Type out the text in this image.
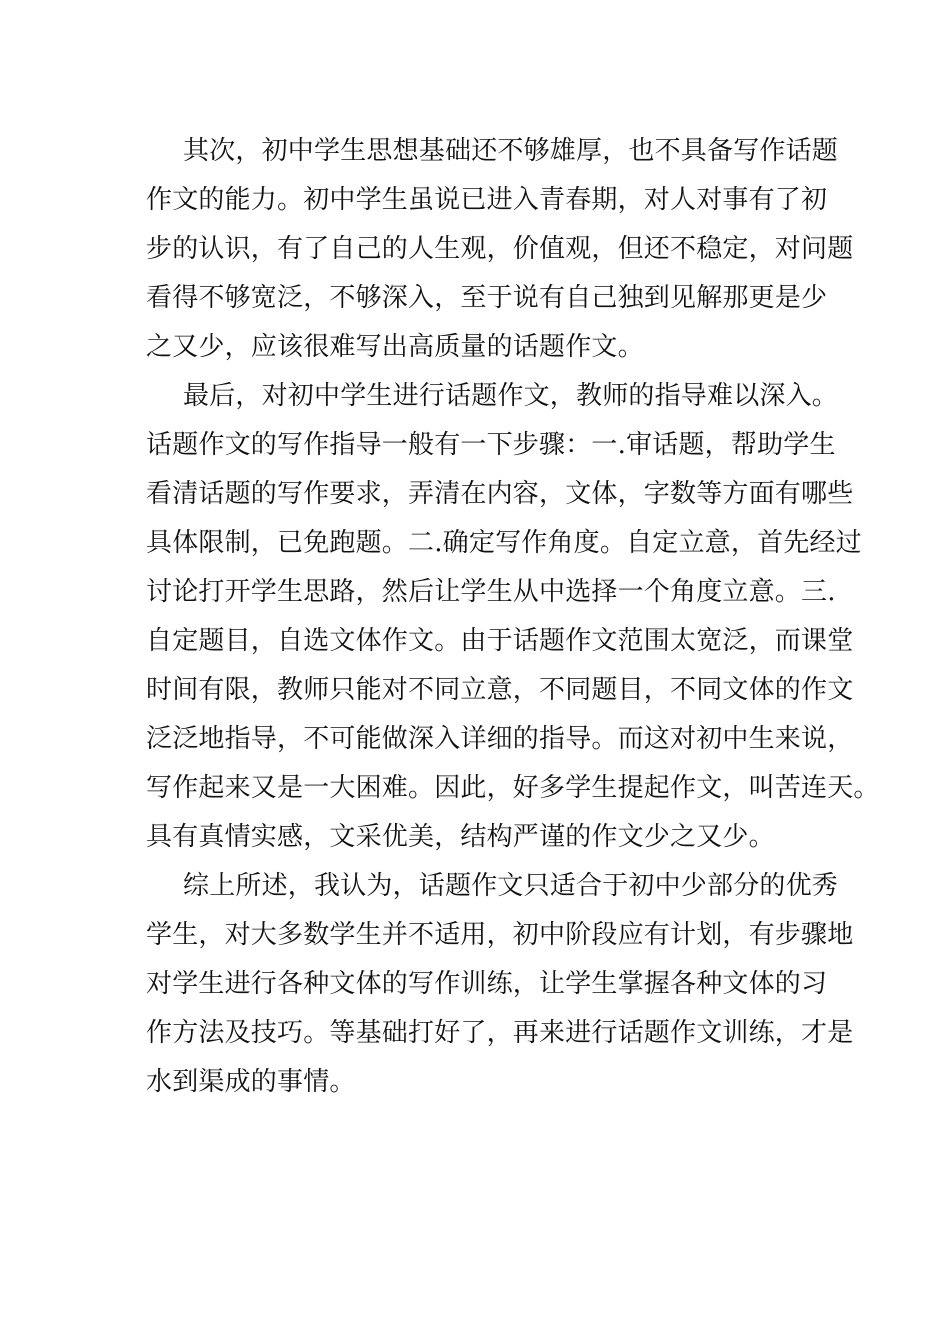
其次，初中学生思想基础还不够雄厚，也不具备写作话题
作文的能力。初中学生虽说已进入青春期，对人对事有了初
步的认识，有了自己的人生观，价值观，但还不稳定，对问题
看得不够宽泛，不够深入，至于说有自己独到见解那更是少
之又少，应该很难写出高质量的话题作文。
最后，对初中学生进行话题作文，教师的指导难以深入。
话题作文的写作指导一般有一下步骤：一.审话题，帮助学生
看清话题的写作要求，弄清在内容，文体，字数等方面有哪些
具体限制，已免跑题。二.确定写作角度。自定立意，首先经过
讨论打开学生思路，然后让学生从中选择一个角度立意。三.
自定题目，自选文体作文。由于话题作文范围太宽泛，而课堂
时间有限，教师只能对不同立意，不同题目，不同文体的作文
泛泛地指导，不可能做深入详细的指导。而这对初中生来说，
写作起来又是一大困难。因此，好多学生提起作文，叫苦连天。
具有真情实感，文采优美，结构严谨的作文少之又少。
综上所述，我认为，话题作文只适合于初中少部分的优秀
学生，对大多数学生并不适用，初中阶段应有计划，有步骤地
对学生进行各种文体的写作训练，让学生掌握各种文体的习
作方法及技巧。等基础打好了，再来进行话题作文训练，才是
水到渠成的事情。
